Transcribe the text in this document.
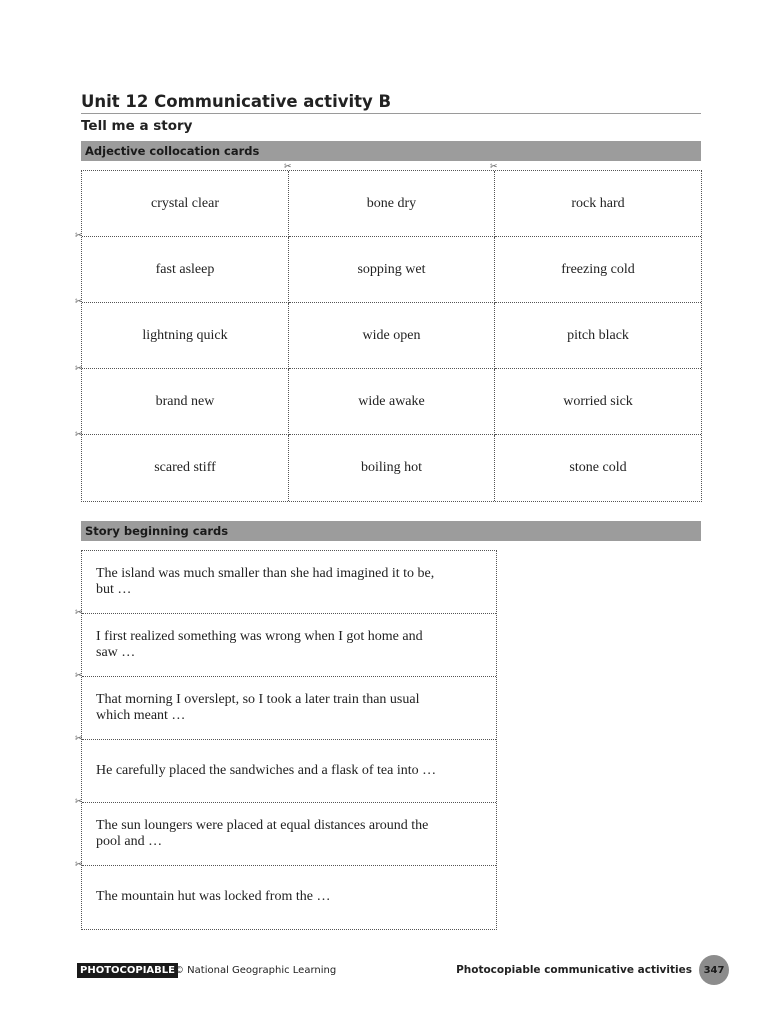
Unit 12 Communicative activity B
Tell me a story
Adjective collocation cards
crystal clear	bone dry	rock hard
fast asleep	sopping wet	freezing cold
lightning quick	wide open	pitch black
brand new	wide awake	worried sick
scared stiff	boiling hot	stone cold
✂	✂
✂
✂
✂
✂
Story beginning cards
The island was much smaller than she had imagined it to be, but …
I first realized something was wrong when I got home and saw …
That morning I overslept, so I took a later train than usual which meant …
He carefully placed the sandwiches and a flask of tea into …
The sun loungers were placed at equal distances around the pool and …
The mountain hut was locked from the …
✂
✂
✂
✂
✂
PHOTOCOPIABLE © National Geographic Learning	Photocopiable communicative activities	347
